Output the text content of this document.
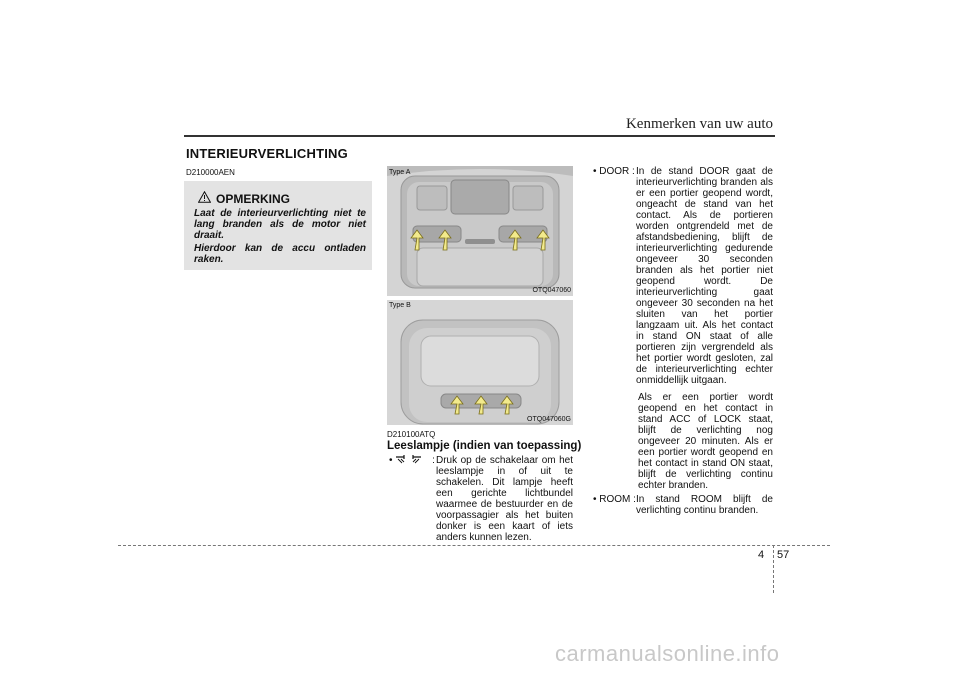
Kenmerken van uw auto
INTERIEURVERLICHTING
D210000AEN
OPMERKING

Laat de interieurverlichting niet te lang branden als de motor niet draait.

Hierdoor kan de accu ontladen raken.

Type A
OTQ047060
Type B
OTQ047060G
D210100ATQ
Leeslampje (indien van toepassing)
•	: Druk op de schakelaar om het leeslampje in of uit te schakelen. Dit lampje heeft een gerichte lichtbundel waarmee de bestuurder en de voorpassagier als het buiten donker is een kaart of iets anders kunnen lezen.
• DOOR : In de stand DOOR gaat de interieurverlichting branden als er een portier geopend wordt, ongeacht de stand van het contact. Als de portieren worden ontgrendeld met de afstandsbediening, blijft de interieurverlichting gedurende ongeveer 30 seconden branden als het portier niet geopend wordt. De interieurverlichting gaat ongeveer 30 seconden na het sluiten van het portier langzaam uit. Als het contact in stand ON staat of alle portieren zijn vergrendeld als het portier wordt gesloten, zal de interieurverlichting echter onmiddellijk uitgaan.
Als er een portier wordt geopend en het contact in stand ACC of LOCK staat, blijft de verlichting nog ongeveer 20 minuten. Als er een portier wordt geopend en het contact in stand ON staat, blijft de verlichting continu echter branden.
• ROOM : In stand ROOM blijft de verlichting continu branden.
4 57
carmanualsonline.info
